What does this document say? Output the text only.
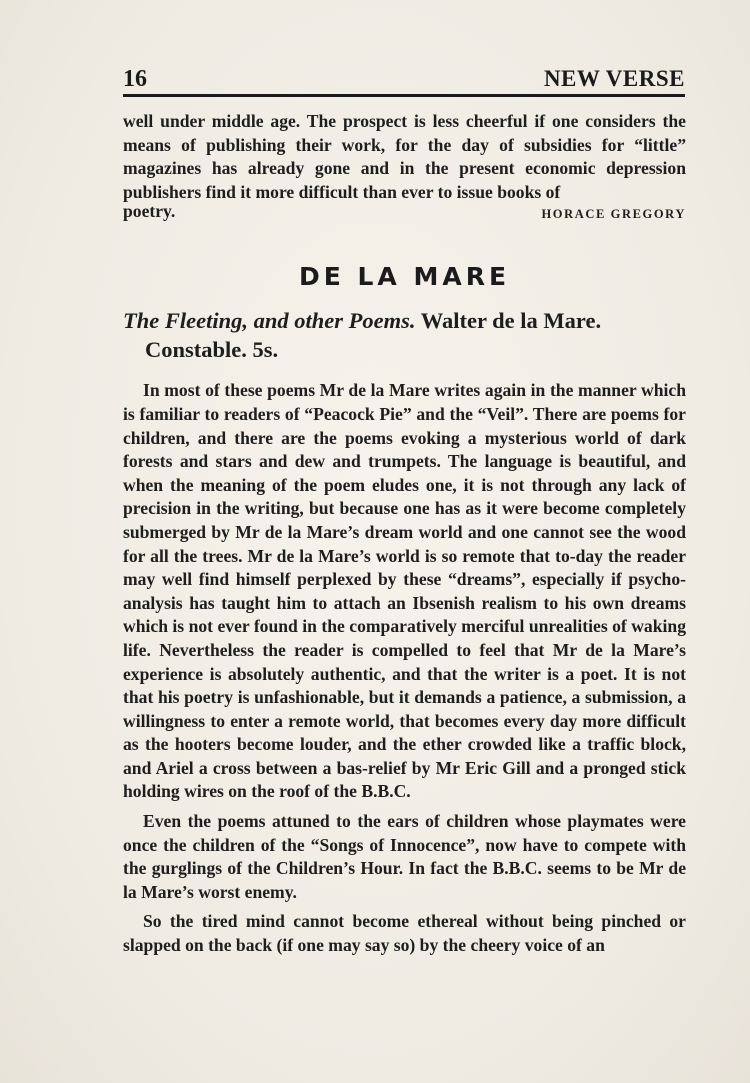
16	NEW VERSE

well under middle age. The prospect is less cheerful if one considers the means of publishing their work, for the day of subsidies for “little” magazines has already gone and in the present economic depression publishers find it more difficult than ever to issue books of

poetry.	HORACE GREGORY
DE LA MARE

The Fleeting, and other Poems. Walter de la Mare. Constable. 5s.

In most of these poems Mr de la Mare writes again in the manner which is familiar to readers of “Peacock Pie” and the “Veil”. There are poems for children, and there are the poems evoking a mysterious world of dark forests and stars and dew and trumpets. The language is beautiful, and when the meaning of the poem eludes one, it is not through any lack of precision in the writing, but because one has as it were become completely submerged by Mr de la Mare’s dream world and one cannot see the wood for all the trees. Mr de la Mare’s world is so remote that to-day the reader may well find himself perplexed by these “dreams”, especially if psycho-analysis has taught him to attach an Ibsenish realism to his own dreams which is not ever found in the comparatively merciful unrealities of waking life. Nevertheless the reader is compelled to feel that Mr de la Mare’s experience is absolutely authentic, and that the writer is a poet. It is not that his poetry is unfashionable, but it demands a patience, a submission, a willingness to enter a remote world, that becomes every day more difficult as the hooters become louder, and the ether crowded like a traffic block, and Ariel a cross between a bas-relief by Mr Eric Gill and a pronged stick holding wires on the roof of the B.B.C.

Even the poems attuned to the ears of children whose playmates were once the children of the “Songs of Innocence”, now have to compete with the gurglings of the Children’s Hour. In fact the B.B.C. seems to be Mr de la Mare’s worst enemy.

So the tired mind cannot become ethereal without being pinched or slapped on the back (if one may say so) by the cheery voice of an
